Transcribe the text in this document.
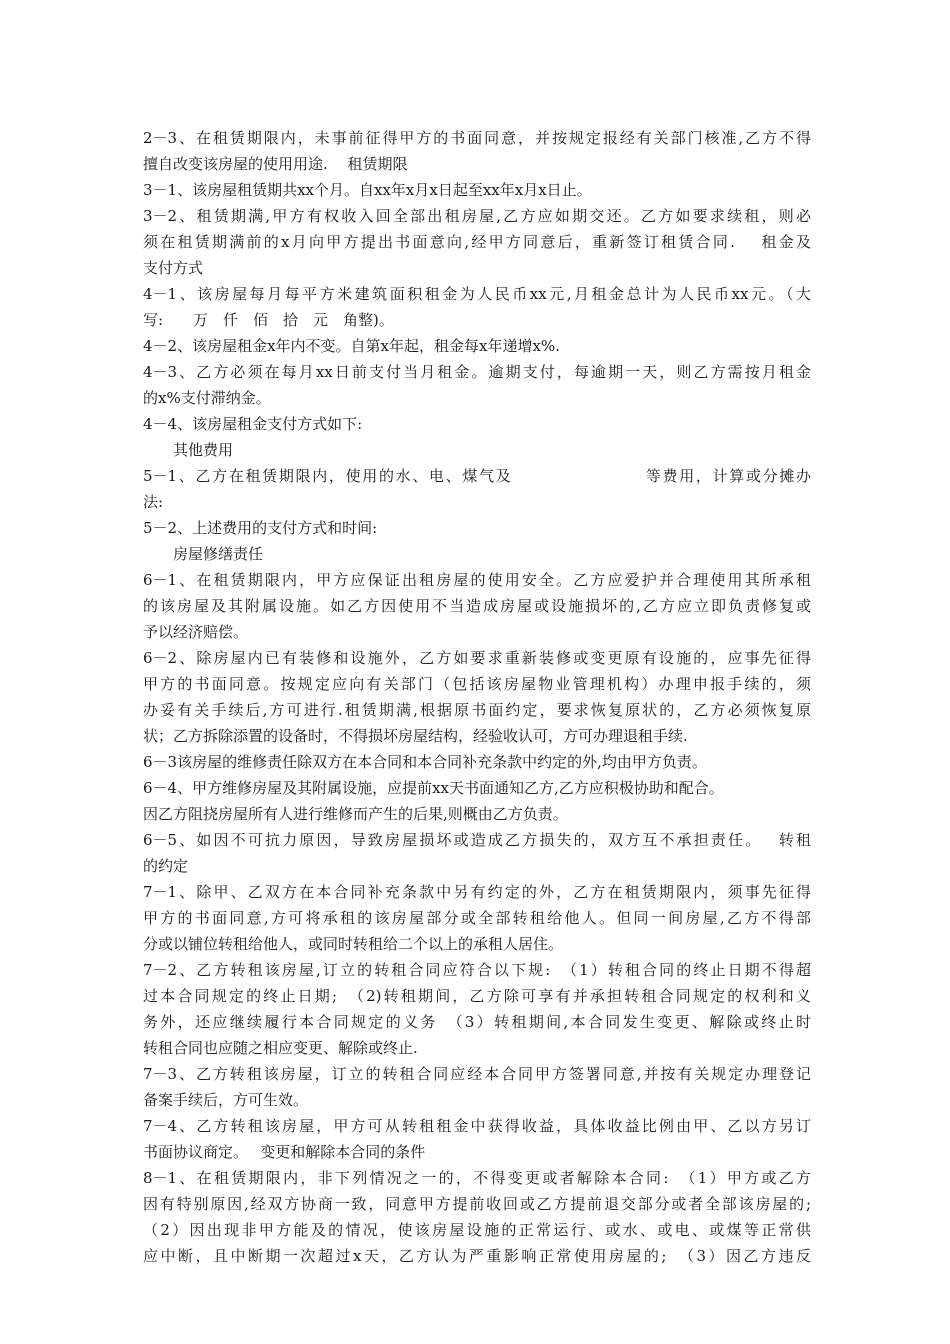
2－3、在租赁期限内，未事前征得甲方的书面同意，并按规定报经有关部门核准,乙方不得
擅自改变该房屋的使用用途.　 租赁期限
3－1、该房屋租赁期共xx个月。自xx年x月x日起至xx年x月x日止。
3－2、租赁期满,甲方有权收入回全部出租房屋,乙方应如期交还。乙方如要求续租，则必
须在租赁期满前的x月向甲方提出书面意向,经甲方同意后，重新签订租赁合同.　 租金及
支付方式
4－1、该房屋每月每平方米建筑面积租金为人民币xx元,月租金总计为人民币xx元。（大
写:　　万　仟　佰　拾　元　角整)。
4－2、该房屋租金x年内不变。自第x年起，租金每x年递增x%.
4－3、乙方必须在每月xx日前支付当月租金。逾期支付，每逾期一天，则乙方需按月租金
的x%支付滞纳金。
4－4、该房屋租金支付方式如下:
　　其他费用
5－1、乙方在租赁期限内，使用的水、电、煤气及　　　　　　　　等费用，计算或分摊办
法:
5－2、上述费用的支付方式和时间:
　　房屋修缮责任
6－1、在租赁期限内，甲方应保证出租房屋的使用安全。乙方应爱护并合理使用其所承租
的该房屋及其附属设施。如乙方因使用不当造成房屋或设施损坏的,乙方应立即负责修复或
予以经济赔偿。
6－2、除房屋内已有装修和设施外，乙方如要求重新装修或变更原有设施的，应事先征得
甲方的书面同意。按规定应向有关部门（包括该房屋物业管理机构）办理申报手续的，须
办妥有关手续后,方可进行.租赁期满,根据原书面约定，要求恢复原状的，乙方必须恢复原
状；乙方拆除添置的设备时，不得损坏房屋结构，经验收认可，方可办理退租手续.
6－3该房屋的维修责任除双方在本合同和本合同补充条款中约定的外,均由甲方负责。
6－4、甲方维修房屋及其附属设施，应提前xx天书面通知乙方,乙方应积极协助和配合。
因乙方阻挠房屋所有人进行维修而产生的后果,则概由乙方负责。
6－5、如因不可抗力原因，导致房屋损坏或造成乙方损失的，双方互不承担责任。　 转租
的约定
7－1、除甲、乙双方在本合同补充条款中另有约定的外，乙方在租赁期限内，须事先征得
甲方的书面同意,方可将承租的该房屋部分或全部转租给他人。但同一间房屋,乙方不得部
分或以铺位转租给他人，或同时转租给二个以上的承租人居住。
7－2、乙方转租该房屋,订立的转租合同应符合以下规:　（1）转租合同的终止日期不得超
过本合同规定的终止日期;　（2)转租期间，乙方除可享有并承担转租合同规定的权利和义
务外，还应继续履行本合同规定的义务　（3）转租期间,本合同发生变更、解除或终止时
转租合同也应随之相应变更、解除或终止.
7－3、乙方转租该房屋，订立的转租合同应经本合同甲方签署同意,并按有关规定办理登记
备案手续后，方可生效。
7－4、乙方转租该房屋，甲方可从转租租金中获得收益，具体收益比例由甲、乙以方另订
书面协议商定。　 变更和解除本合同的条件
8－1、在租赁期限内，非下列情况之一的，不得变更或者解除本合同:　（1）甲方或乙方
因有特别原因,经双方协商一致，同意甲方提前收回或乙方提前退交部分或者全部该房屋的;
（2）因出现非甲方能及的情况，使该房屋设施的正常运行、或水、或电、或煤等正常供
应中断，且中断期一次超过x天，乙方认为严重影响正常使用房屋的;　（3）因乙方违反
